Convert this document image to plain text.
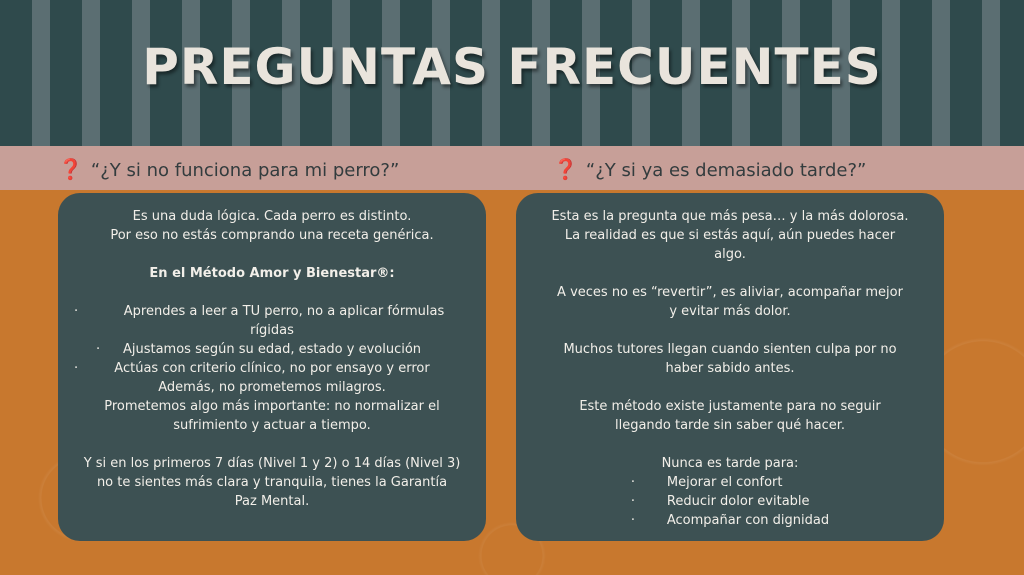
PREGUNTAS FRECUENTES
❓ “¿Y si no funciona para mi perro?”	❓ “¿Y si ya es demasiado tarde?”

Es una duda lógica. Cada perro es distinto.

Por eso no estás comprando una receta genérica.

En el Método Amor y Bienestar®:

·	Aprendes a leer a TU perro, no a aplicar fórmulas

rígidas

· Ajustamos según su edad, estado y evolución

·	Actúas con criterio clínico, no por ensayo y error

Además, no prometemos milagros.

Prometemos algo más importante: no normalizar el

sufrimiento y actuar a tiempo.

Y si en los primeros 7 días (Nivel 1 y 2) o 14 días (Nivel 3)

no te sientes más clara y tranquila, tienes la Garantía

Paz Mental.

Esta es la pregunta que más pesa… y la más dolorosa.

La realidad es que si estás aquí, aún puedes hacer

algo.

A veces no es “revertir”, es aliviar, acompañar mejor

y evitar más dolor.

Muchos tutores llegan cuando sienten culpa por no

haber sabido antes.

Este método existe justamente para no seguir

llegando tarde sin saber qué hacer.

Nunca es tarde para:

· Mejorar el confort
· Reducir dolor evitable
· Acompañar con dignidad
